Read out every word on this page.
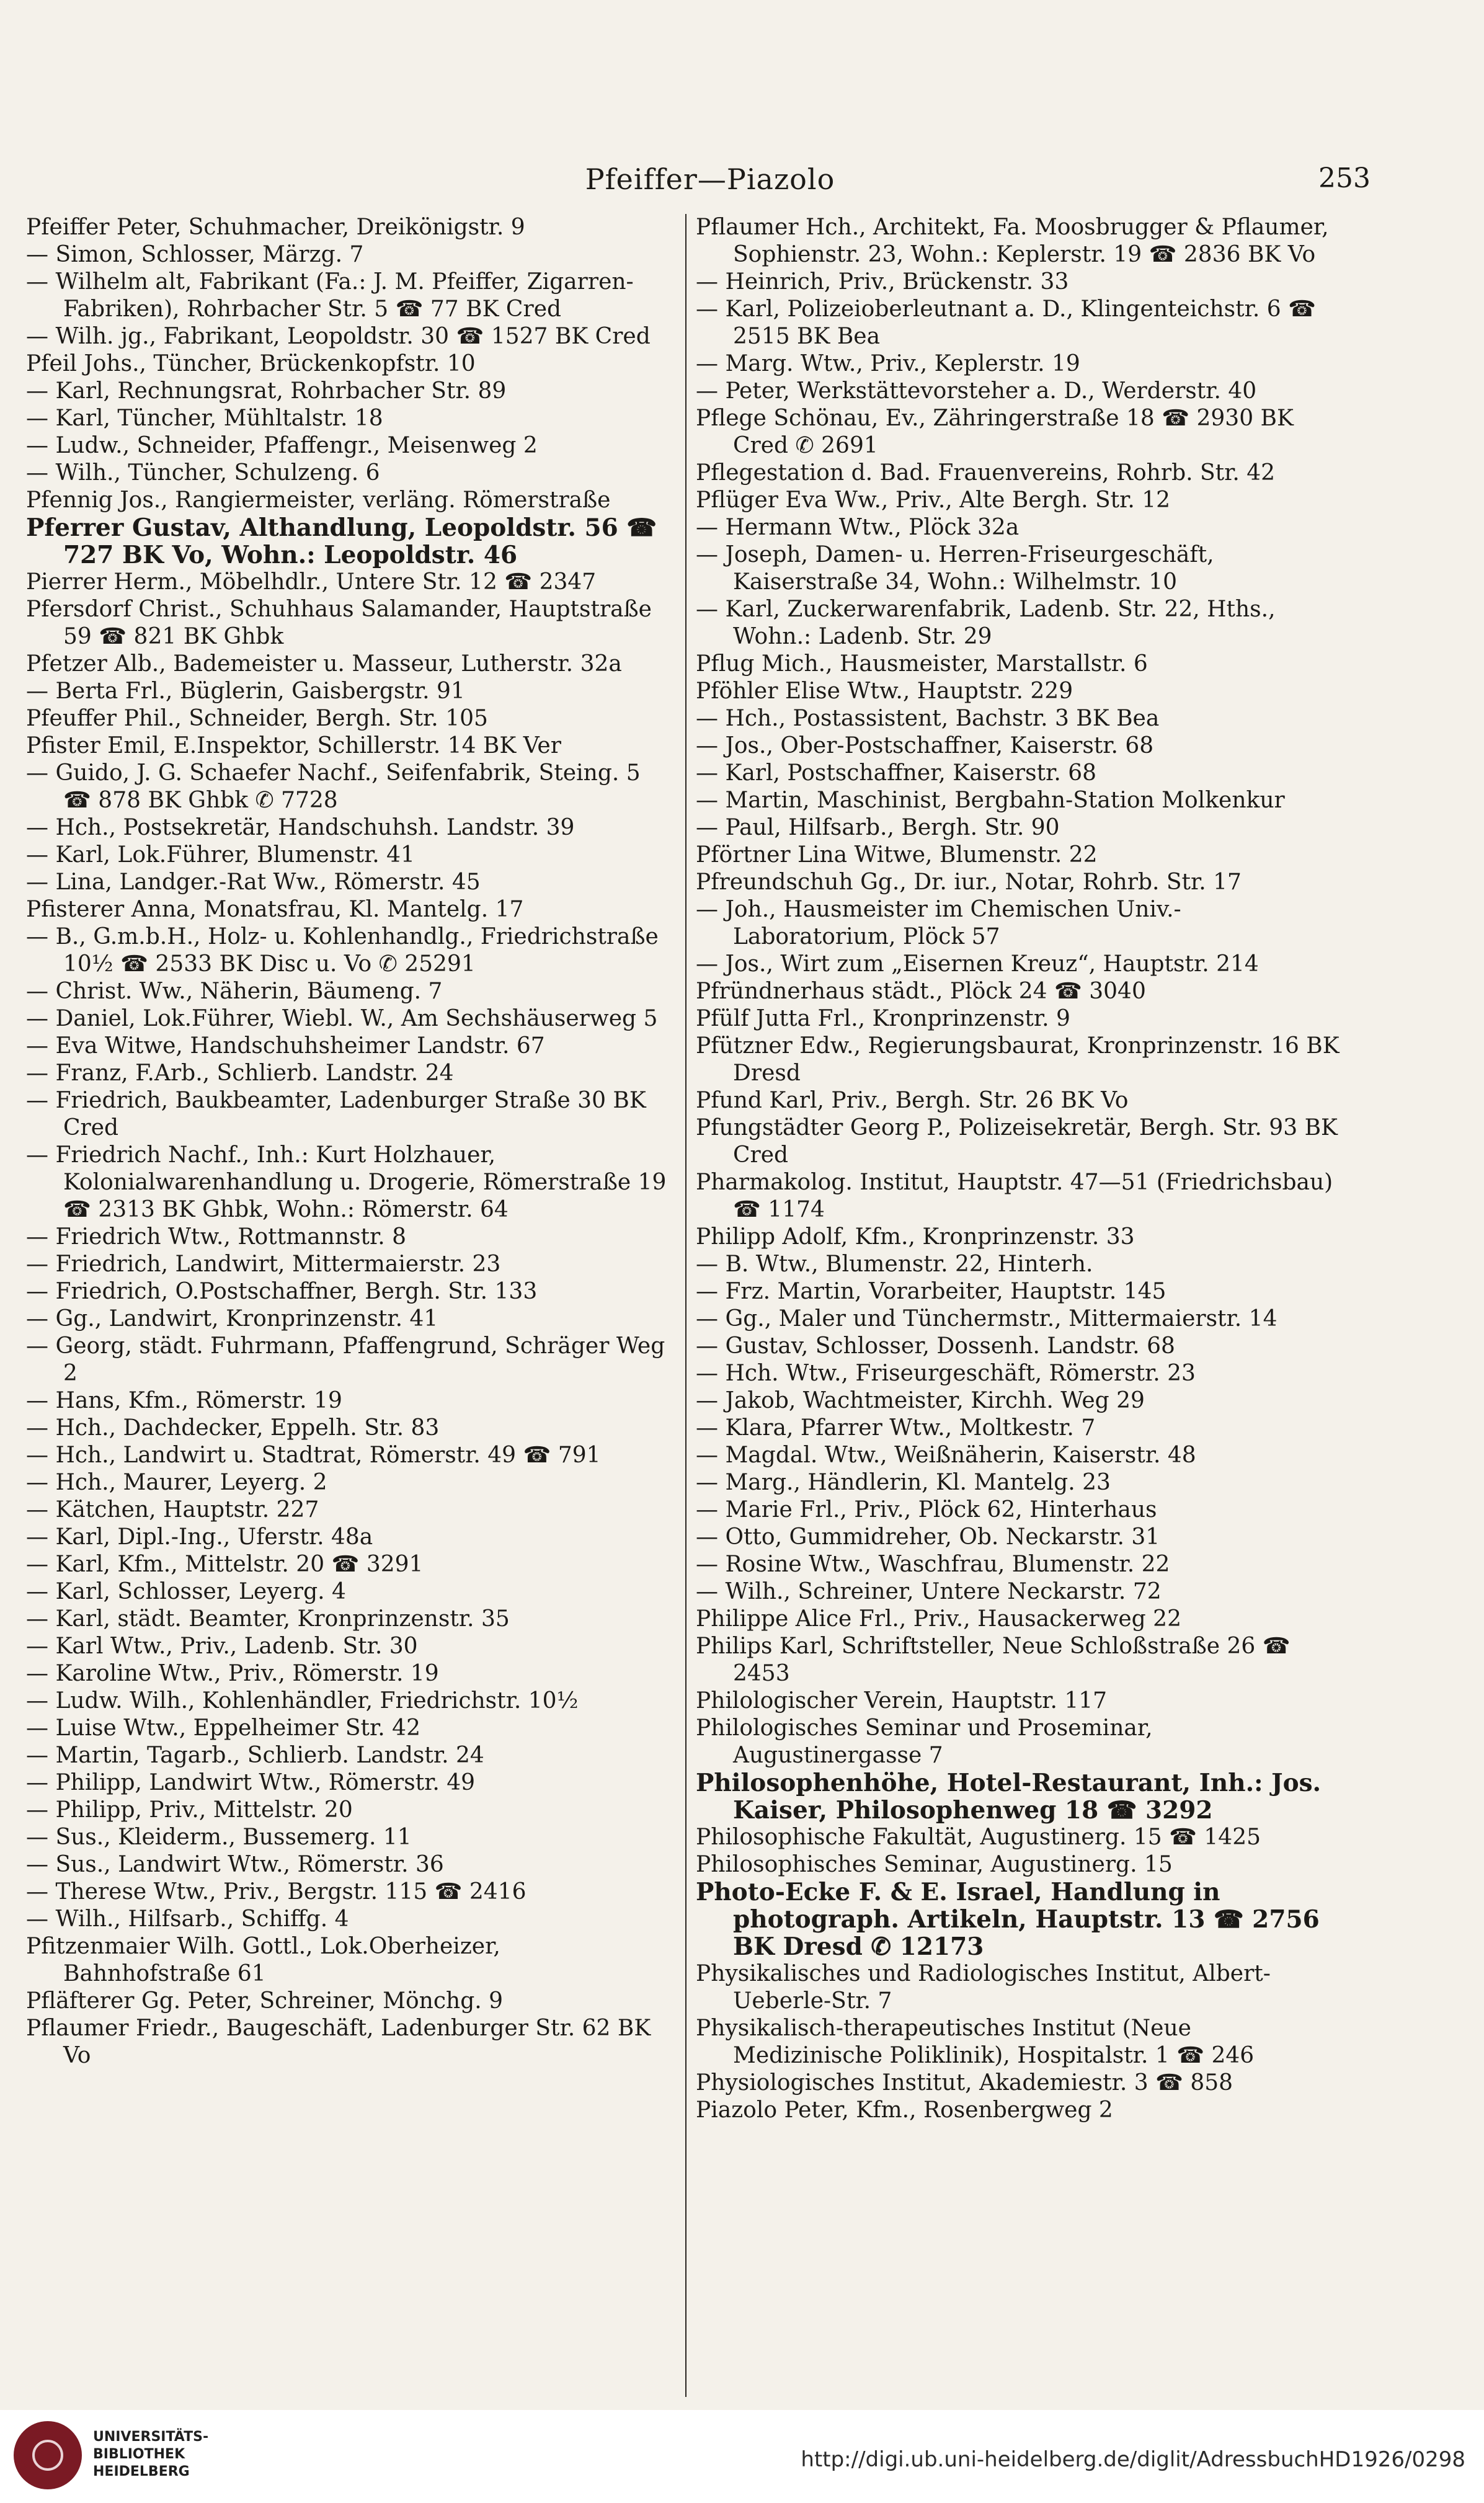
Pfeiffer—Piazolo	253
Pfeiffer Peter, Schuhmacher, Dreikönigstr. 9
— Simon, Schlosser, Märzg. 7
— Wilhelm alt, Fabrikant (Fa.: J. M. Pfeiffer, Zigarren-Fabriken), Rohrbacher Str. 5 ☎ 77 BK Cred
— Wilh. jg., Fabrikant, Leopoldstr. 30 ☎ 1527 BK Cred
Pfeil Johs., Tüncher, Brückenkopfstr. 10
— Karl, Rechnungsrat, Rohrbacher Str. 89
— Karl, Tüncher, Mühltalstr. 18
— Ludw., Schneider, Pfaffengr., Meisenweg 2
— Wilh., Tüncher, Schulzeng. 6
Pfennig Jos., Rangiermeister, verläng. Römerstraße
Pferrer Gustav, Althandlung, Leopoldstr. 56 ☎ 727 BK Vo, Wohn.: Leopoldstr. 46
Pierrer Herm., Möbelhdlr., Untere Str. 12 ☎ 2347
Pfersdorf Christ., Schuhhaus Salamander, Hauptstraße 59 ☎ 821 BK Ghbk
Pfetzer Alb., Bademeister u. Masseur, Lutherstr. 32a
— Berta Frl., Büglerin, Gaisbergstr. 91
Pfeuffer Phil., Schneider, Bergh. Str. 105
Pfister Emil, E.Inspektor, Schillerstr. 14 BK Ver
— Guido, J. G. Schaefer Nachf., Seifenfabrik, Steing. 5 ☎ 878 BK Ghbk ✆ 7728
— Hch., Postsekretär, Handschuhsh. Landstr. 39
— Karl, Lok.Führer, Blumenstr. 41
— Lina, Landger.-Rat Ww., Römerstr. 45
Pfisterer Anna, Monatsfrau, Kl. Mantelg. 17
— B., G.m.b.H., Holz- u. Kohlenhandlg., Friedrichstraße 10½ ☎ 2533 BK Disc u. Vo ✆ 25291
— Christ. Ww., Näherin, Bäumeng. 7
— Daniel, Lok.Führer, Wiebl. W., Am Sechshäuserweg 5
— Eva Witwe, Handschuhsheimer Landstr. 67
— Franz, F.Arb., Schlierb. Landstr. 24
— Friedrich, Baukbeamter, Ladenburger Straße 30 BK Cred
— Friedrich Nachf., Inh.: Kurt Holzhauer, Kolonialwarenhandlung u. Drogerie, Römerstraße 19 ☎ 2313 BK Ghbk, Wohn.: Römerstr. 64
— Friedrich Wtw., Rottmannstr. 8
— Friedrich, Landwirt, Mittermaierstr. 23
— Friedrich, O.Postschaffner, Bergh. Str. 133
— Gg., Landwirt, Kronprinzenstr. 41
— Georg, städt. Fuhrmann, Pfaffengrund, Schräger Weg 2
— Hans, Kfm., Römerstr. 19
— Hch., Dachdecker, Eppelh. Str. 83
— Hch., Landwirt u. Stadtrat, Römerstr. 49 ☎ 791
— Hch., Maurer, Leyerg. 2
— Kätchen, Hauptstr. 227
— Karl, Dipl.-Ing., Uferstr. 48a
— Karl, Kfm., Mittelstr. 20 ☎ 3291
— Karl, Schlosser, Leyerg. 4
— Karl, städt. Beamter, Kronprinzenstr. 35
— Karl Wtw., Priv., Ladenb. Str. 30
— Karoline Wtw., Priv., Römerstr. 19
— Ludw. Wilh., Kohlenhändler, Friedrichstr. 10½
— Luise Wtw., Eppelheimer Str. 42
— Martin, Tagarb., Schlierb. Landstr. 24
— Philipp, Landwirt Wtw., Römerstr. 49
— Philipp, Priv., Mittelstr. 20
— Sus., Kleiderm., Bussemerg. 11
— Sus., Landwirt Wtw., Römerstr. 36
— Therese Wtw., Priv., Bergstr. 115 ☎ 2416
— Wilh., Hilfsarb., Schiffg. 4
Pfitzenmaier Wilh. Gottl., Lok.Oberheizer, Bahnhofstraße 61
Pfläfterer Gg. Peter, Schreiner, Mönchg. 9
Pflaumer Friedr., Baugeschäft, Ladenburger Str. 62 BK Vo
Pflaumer Hch., Architekt, Fa. Moosbrugger & Pflaumer, Sophienstr. 23, Wohn.: Keplerstr. 19 ☎ 2836 BK Vo
— Heinrich, Priv., Brückenstr. 33
— Karl, Polizeioberleutnant a. D., Klingenteichstr. 6 ☎ 2515 BK Bea
— Marg. Wtw., Priv., Keplerstr. 19
— Peter, Werkstättevorsteher a. D., Werderstr. 40
Pflege Schönau, Ev., Zähringerstraße 18 ☎ 2930 BK Cred ✆ 2691
Pflegestation d. Bad. Frauenvereins, Rohrb. Str. 42
Pflüger Eva Ww., Priv., Alte Bergh. Str. 12
— Hermann Wtw., Plöck 32a
— Joseph, Damen- u. Herren-Friseurgeschäft, Kaiserstraße 34, Wohn.: Wilhelmstr. 10
— Karl, Zuckerwarenfabrik, Ladenb. Str. 22, Hths., Wohn.: Ladenb. Str. 29
Pflug Mich., Hausmeister, Marstallstr. 6
Pföhler Elise Wtw., Hauptstr. 229
— Hch., Postassistent, Bachstr. 3 BK Bea
— Jos., Ober-Postschaffner, Kaiserstr. 68
— Karl, Postschaffner, Kaiserstr. 68
— Martin, Maschinist, Bergbahn-Station Molkenkur
— Paul, Hilfsarb., Bergh. Str. 90
Pförtner Lina Witwe, Blumenstr. 22
Pfreundschuh Gg., Dr. iur., Notar, Rohrb. Str. 17
— Joh., Hausmeister im Chemischen Univ.-Laboratorium, Plöck 57
— Jos., Wirt zum „Eisernen Kreuz“, Hauptstr. 214
Pfründnerhaus städt., Plöck 24 ☎ 3040
Pfülf Jutta Frl., Kronprinzenstr. 9
Pfützner Edw., Regierungsbaurat, Kronprinzenstr. 16 BK Dresd
Pfund Karl, Priv., Bergh. Str. 26 BK Vo
Pfungstädter Georg P., Polizeisekretär, Bergh. Str. 93 BK Cred
Pharmakolog. Institut, Hauptstr. 47—51 (Friedrichsbau) ☎ 1174
Philipp Adolf, Kfm., Kronprinzenstr. 33
— B. Wtw., Blumenstr. 22, Hinterh.
— Frz. Martin, Vorarbeiter, Hauptstr. 145
— Gg., Maler und Tünchermstr., Mittermaierstr. 14
— Gustav, Schlosser, Dossenh. Landstr. 68
— Hch. Wtw., Friseurgeschäft, Römerstr. 23
— Jakob, Wachtmeister, Kirchh. Weg 29
— Klara, Pfarrer Wtw., Moltkestr. 7
— Magdal. Wtw., Weißnäherin, Kaiserstr. 48
— Marg., Händlerin, Kl. Mantelg. 23
— Marie Frl., Priv., Plöck 62, Hinterhaus
— Otto, Gummidreher, Ob. Neckarstr. 31
— Rosine Wtw., Waschfrau, Blumenstr. 22
— Wilh., Schreiner, Untere Neckarstr. 72
Philippe Alice Frl., Priv., Hausackerweg 22
Philips Karl, Schriftsteller, Neue Schloßstraße 26 ☎ 2453
Philologischer Verein, Hauptstr. 117
Philologisches Seminar und Proseminar, Augustinergasse 7
Philosophenhöhe, Hotel-Restaurant, Inh.: Jos. Kaiser, Philosophenweg 18 ☎ 3292
Philosophische Fakultät, Augustinerg. 15 ☎ 1425
Philosophisches Seminar, Augustinerg. 15
Photo-Ecke F. & E. Israel, Handlung in photograph. Artikeln, Hauptstr. 13 ☎ 2756 BK Dresd ✆ 12173
Physikalisches und Radiologisches Institut, Albert-Ueberle-Str. 7
Physikalisch-therapeutisches Institut (Neue Medizinische Poliklinik), Hospitalstr. 1 ☎ 246
Physiologisches Institut, Akademiestr. 3 ☎ 858
Piazolo Peter, Kfm., Rosenbergweg 2
UNIVERSITÄTS-
BIBLIOTHEK
HEIDELBERG	http://digi.ub.uni-heidelberg.de/diglit/AdressbuchHD1926/0298
